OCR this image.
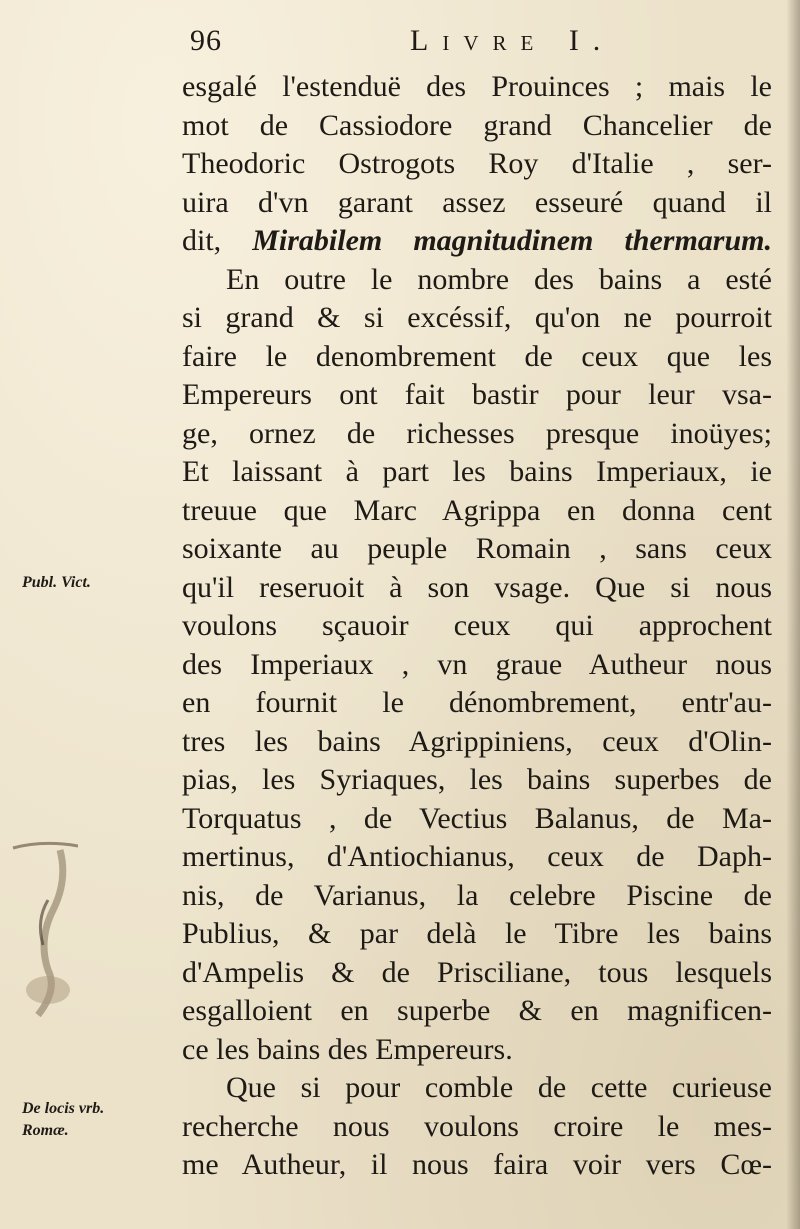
96	Livre I.
esgalé l'estenduë des Prouinces ; mais le
mot de Cassiodore grand Chancelier de
Theodoric Ostrogots Roy d'Italie , ser-
uira d'vn garant assez esseuré quand il
dit, Mirabilem magnitudinem thermarum.
En outre le nombre des bains a esté
si grand & si excéssif, qu'on ne pourroit
faire le denombrement de ceux que les
Empereurs ont fait bastir pour leur vsa-
ge, ornez de richesses presque inoüyes;
Et laissant à part les bains Imperiaux, ie
treuue que Marc Agrippa en donna cent
soixante au peuple Romain , sans ceux
qu'il reseruoit à son vsage. Que si nous
voulons sçauoir ceux qui approchent
des Imperiaux , vn graue Autheur nous
en fournit le dénombrement, entr'au-
tres les bains Agrippiniens, ceux d'Olin-
pias, les Syriaques, les bains superbes de
Torquatus , de Vectius Balanus, de Ma-
mertinus, d'Antiochianus, ceux de Daph-
nis, de Varianus, la celebre Piscine de
Publius, & par delà le Tibre les bains
d'Ampelis & de Prisciliane, tous lesquels
esgalloient en superbe & en magnificen-
ce les bains des Empereurs.
Que si pour comble de cette curieuse
recherche nous voulons croire le mes-
me Autheur, il nous faira voir vers Cœ-
Publ. Vict.
De locis vrb.
Romæ.
